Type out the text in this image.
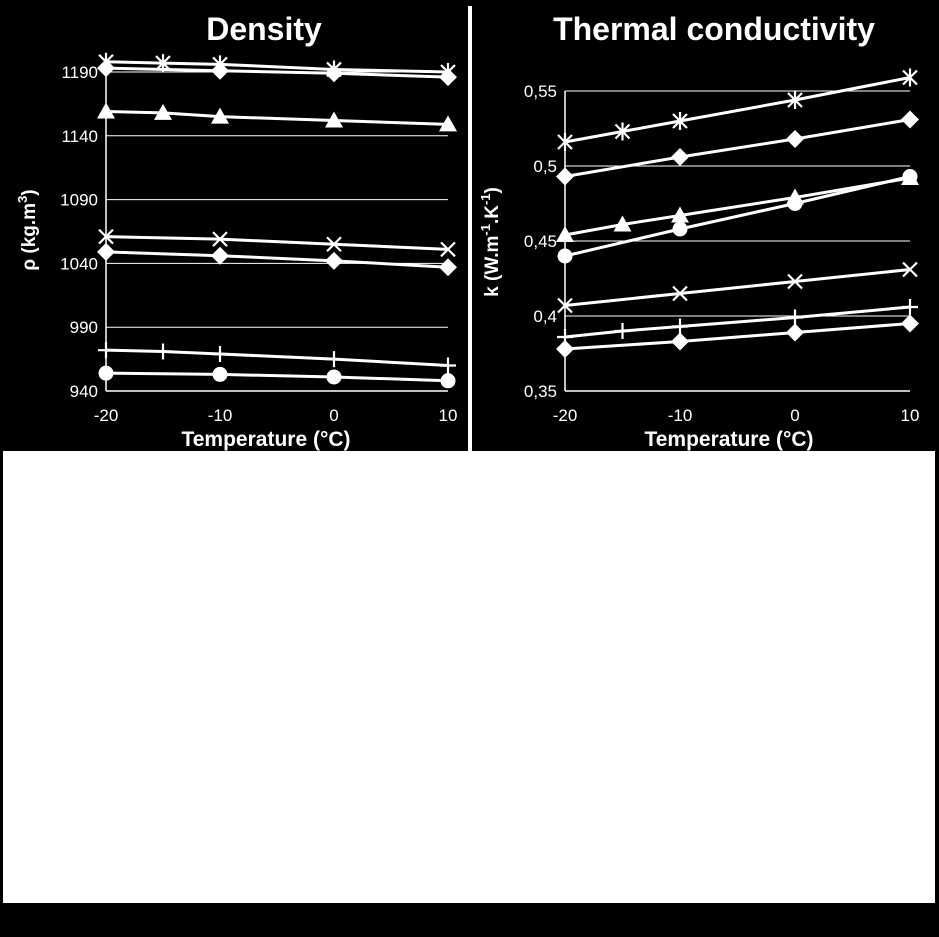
Density
Temperature (°C)
ρ $(kg.m^3)$
940
990
1040
1090
1140
1190
-20	-10	0	10
Thermal conductivity
Temperature (°C)
k $(W.m^{-1}.K^{-1})$
0,35
0,4
0,45
0,5
0,55
-20	-10	0	10
